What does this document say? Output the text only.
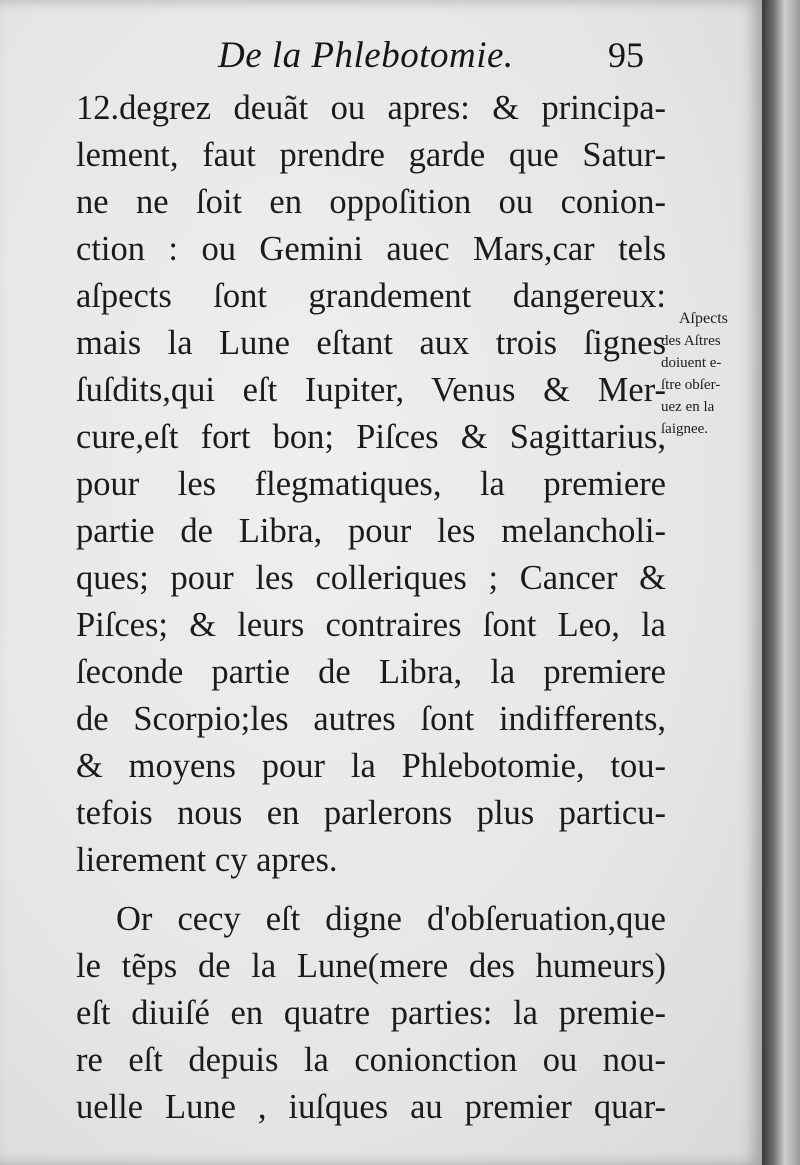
De la Phlebotomie.	95
12.degrez deuãt ou apres: & principa-
lement, faut prendre garde que Satur-
ne ne ſoit en oppoſition ou conion-
ction : ou Gemini auec Mars,car tels
aſpects ſont grandement dangereux:
mais la Lune eſtant aux trois ſignes
ſuſdits,qui eſt Iupiter, Venus & Mer-
cure,eſt fort bon; Piſces & Sagittarius,
pour les flegmatiques, la premiere
partie de Libra, pour les melancholi-
ques; pour les colleriques ; Cancer &
Piſces; & leurs contraires ſont Leo, la
ſeconde partie de Libra, la premiere
de Scorpio;les autres ſont indifferents,
& moyens pour la Phlebotomie, tou-
tefois nous en parlerons plus particu-
lierement cy apres.
Or cecy eſt digne d'obſeruation,que
le tẽps de la Lune(mere des humeurs)
eſt diuiſé en quatre parties: la premie-
re eſt depuis la conionction ou nou-
uelle Lune , iuſques au premier quar-
Aſpects
des Aſtres
doiuent e-
ſtre obſer-
uez en la
ſaignee.
